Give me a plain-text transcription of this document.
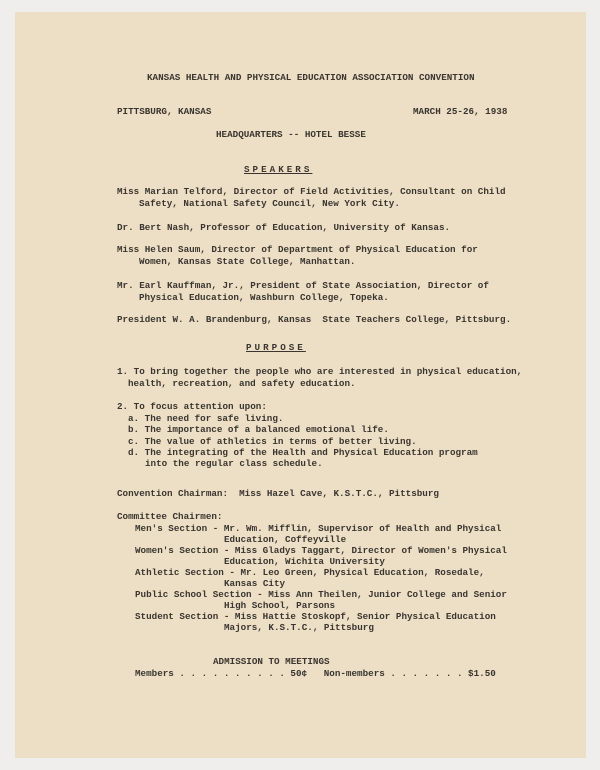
KANSAS HEALTH AND PHYSICAL EDUCATION ASSOCIATION CONVENTION
PITTSBURG, KANSAS	MARCH 25-26, 1938
HEADQUARTERS -- HOTEL BESSE
SPEAKERS
Miss Marian Telford, Director of Field Activities, Consultant on Child
Safety, National Safety Council, New York City.
Dr. Bert Nash, Professor of Education, University of Kansas.
Miss Helen Saum, Director of Department of Physical Education for
Women, Kansas State College, Manhattan.
Mr. Earl Kauffman, Jr., President of State Association, Director of
Physical Education, Washburn College, Topeka.
President W. A. Brandenburg, Kansas  State Teachers College, Pittsburg.
PURPOSE
1. To bring together the people who are interested in physical education,
health, recreation, and safety education.
2. To focus attention upon:
a. The need for safe living.
b. The importance of a balanced emotional life.
c. The value of athletics in terms of better living.
d. The integrating of the Health and Physical Education program
into the regular class schedule.
Convention Chairman:  Miss Hazel Cave, K.S.T.C., Pittsburg
Committee Chairmen:
Men's Section - Mr. Wm. Mifflin, Supervisor of Health and Physical
Education, Coffeyville
Women's Section - Miss Gladys Taggart, Director of Women's Physical
Education, Wichita University
Athletic Section - Mr. Leo Green, Physical Education, Rosedale,
Kansas City
Public School Section - Miss Ann Theilen, Junior College and Senior
High School, Parsons
Student Section - Miss Hattie Stoskopf, Senior Physical Education
Majors, K.S.T.C., Pittsburg
ADMISSION TO MEETINGS
Members . . . . . . . . . . 50¢   Non-members . . . . . . . $1.50
